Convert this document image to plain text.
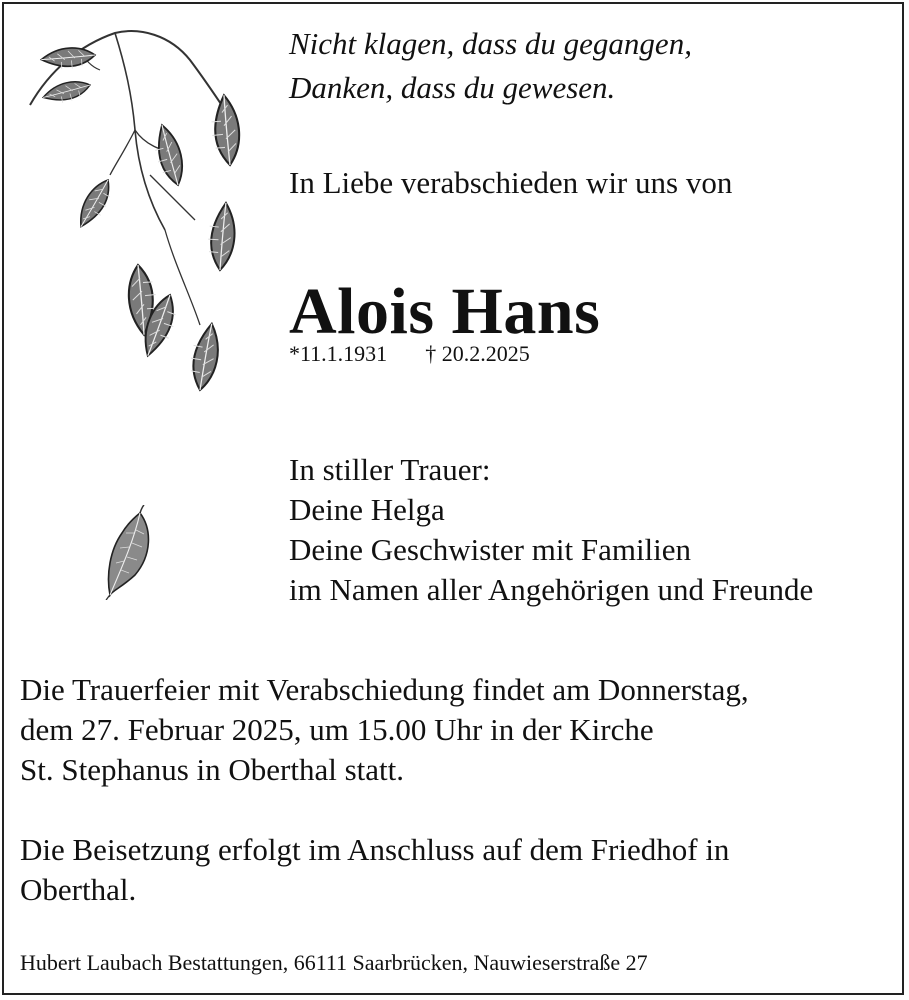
Nicht klagen, dass du gegangen,
Danken, dass du gewesen.
In Liebe verabschieden wir uns von
Alois Hans
*11.1.1931 † 20.2.2025
In stiller Trauer:
Deine Helga
Deine Geschwister mit Familien
im Namen aller Angehörigen und Freunde
Die Trauerfeier mit Verabschiedung findet am Donnerstag,
dem 27. Februar 2025, um 15.00 Uhr in der Kirche
St. Stephanus in Oberthal statt.
Die Beisetzung erfolgt im Anschluss auf dem Friedhof in
Oberthal.
Hubert Laubach Bestattungen, 66111 Saarbrücken, Nauwieserstraße 27
